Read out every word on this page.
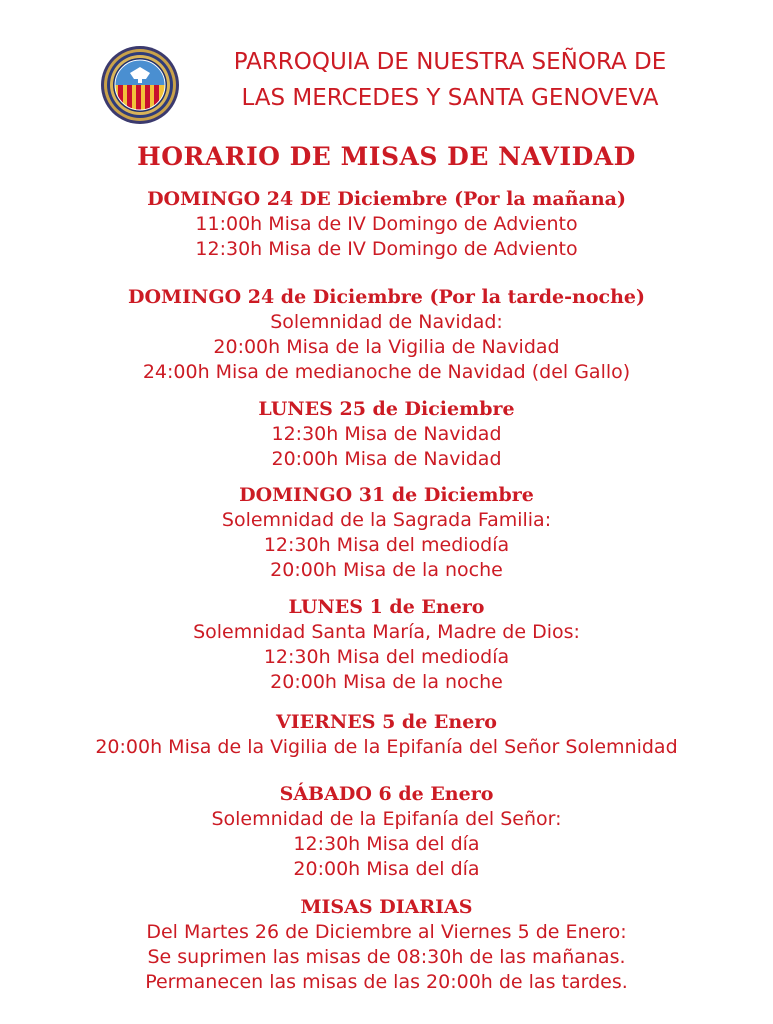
PARROQUIA DE NUESTRA SEÑORA DE
LAS MERCEDES Y SANTA GENOVEVA
HORARIO DE MISAS DE NAVIDAD
DOMINGO 24 DE Diciembre (Por la mañana)
11:00h Misa de IV Domingo de Adviento
12:30h Misa de IV Domingo de Adviento
DOMINGO 24 de Diciembre (Por la tarde-noche)
Solemnidad de Navidad:
20:00h Misa de la Vigilia de Navidad
24:00h Misa de medianoche de Navidad (del Gallo)
LUNES 25 de Diciembre
12:30h Misa de Navidad
20:00h Misa de Navidad
DOMINGO 31 de Diciembre
Solemnidad de la Sagrada Familia:
12:30h Misa del mediodía
20:00h Misa de la noche
LUNES 1 de Enero
Solemnidad Santa María, Madre de Dios:
12:30h Misa del mediodía
20:00h Misa de la noche
VIERNES 5 de Enero
20:00h Misa de la Vigilia de la Epifanía del Señor Solemnidad
SÁBADO 6 de Enero
Solemnidad de la Epifanía del Señor:
12:30h Misa del día
20:00h Misa del día
MISAS DIARIAS
Del Martes 26 de Diciembre al Viernes 5 de Enero:
Se suprimen las misas de 08:30h de las mañanas.
Permanecen las misas de las 20:00h de las tardes.
